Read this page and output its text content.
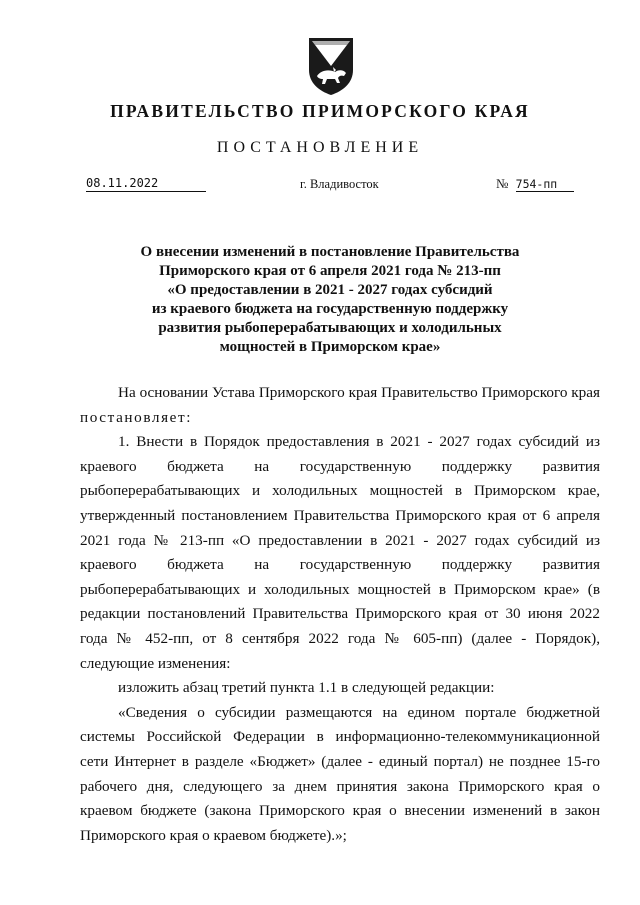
ПРАВИТЕЛЬСТВО ПРИМОРСКОГО КРАЯ
ПОСТАНОВЛЕНИЕ
08.11.2022	г. Владивосток	№ 754-пп
О внесении изменений в постановление Правительства
Приморского края от 6 апреля 2021 года № 213-пп
«О предоставлении в 2021 - 2027 годах субсидий
из краевого бюджета на государственную поддержку
развития рыбоперерабатывающих и холодильных
мощностей в Приморском крае»

На основании Устава Приморского края Правительство Приморского края постановляет:

1. Внести в Порядок предоставления в 2021 - 2027 годах субсидий из краевого бюджета на государственную поддержку развития рыбоперерабатывающих и холодильных мощностей в Приморском крае, утвержденный постановлением Правительства Приморского края от 6 апреля 2021 года № 213-пп «О предоставлении в 2021 - 2027 годах субсидий из краевого бюджета на государственную поддержку развития рыбоперерабатывающих и холодильных мощностей в Приморском крае» (в редакции постановлений Правительства Приморского края от 30 июня 2022 года № 452-пп, от 8 сентября 2022 года № 605-пп) (далее - Порядок), следующие изменения:

изложить абзац третий пункта 1.1 в следующей редакции:

«Сведения о субсидии размещаются на едином портале бюджетной системы Российской Федерации в информационно-телекоммуникационной сети Интернет в разделе «Бюджет» (далее - единый портал) не позднее 15-го рабочего дня, следующего за днем принятия закона Приморского края о краевом бюджете (закона Приморского края о внесении изменений в закон Приморского края о краевом бюджете).»;
